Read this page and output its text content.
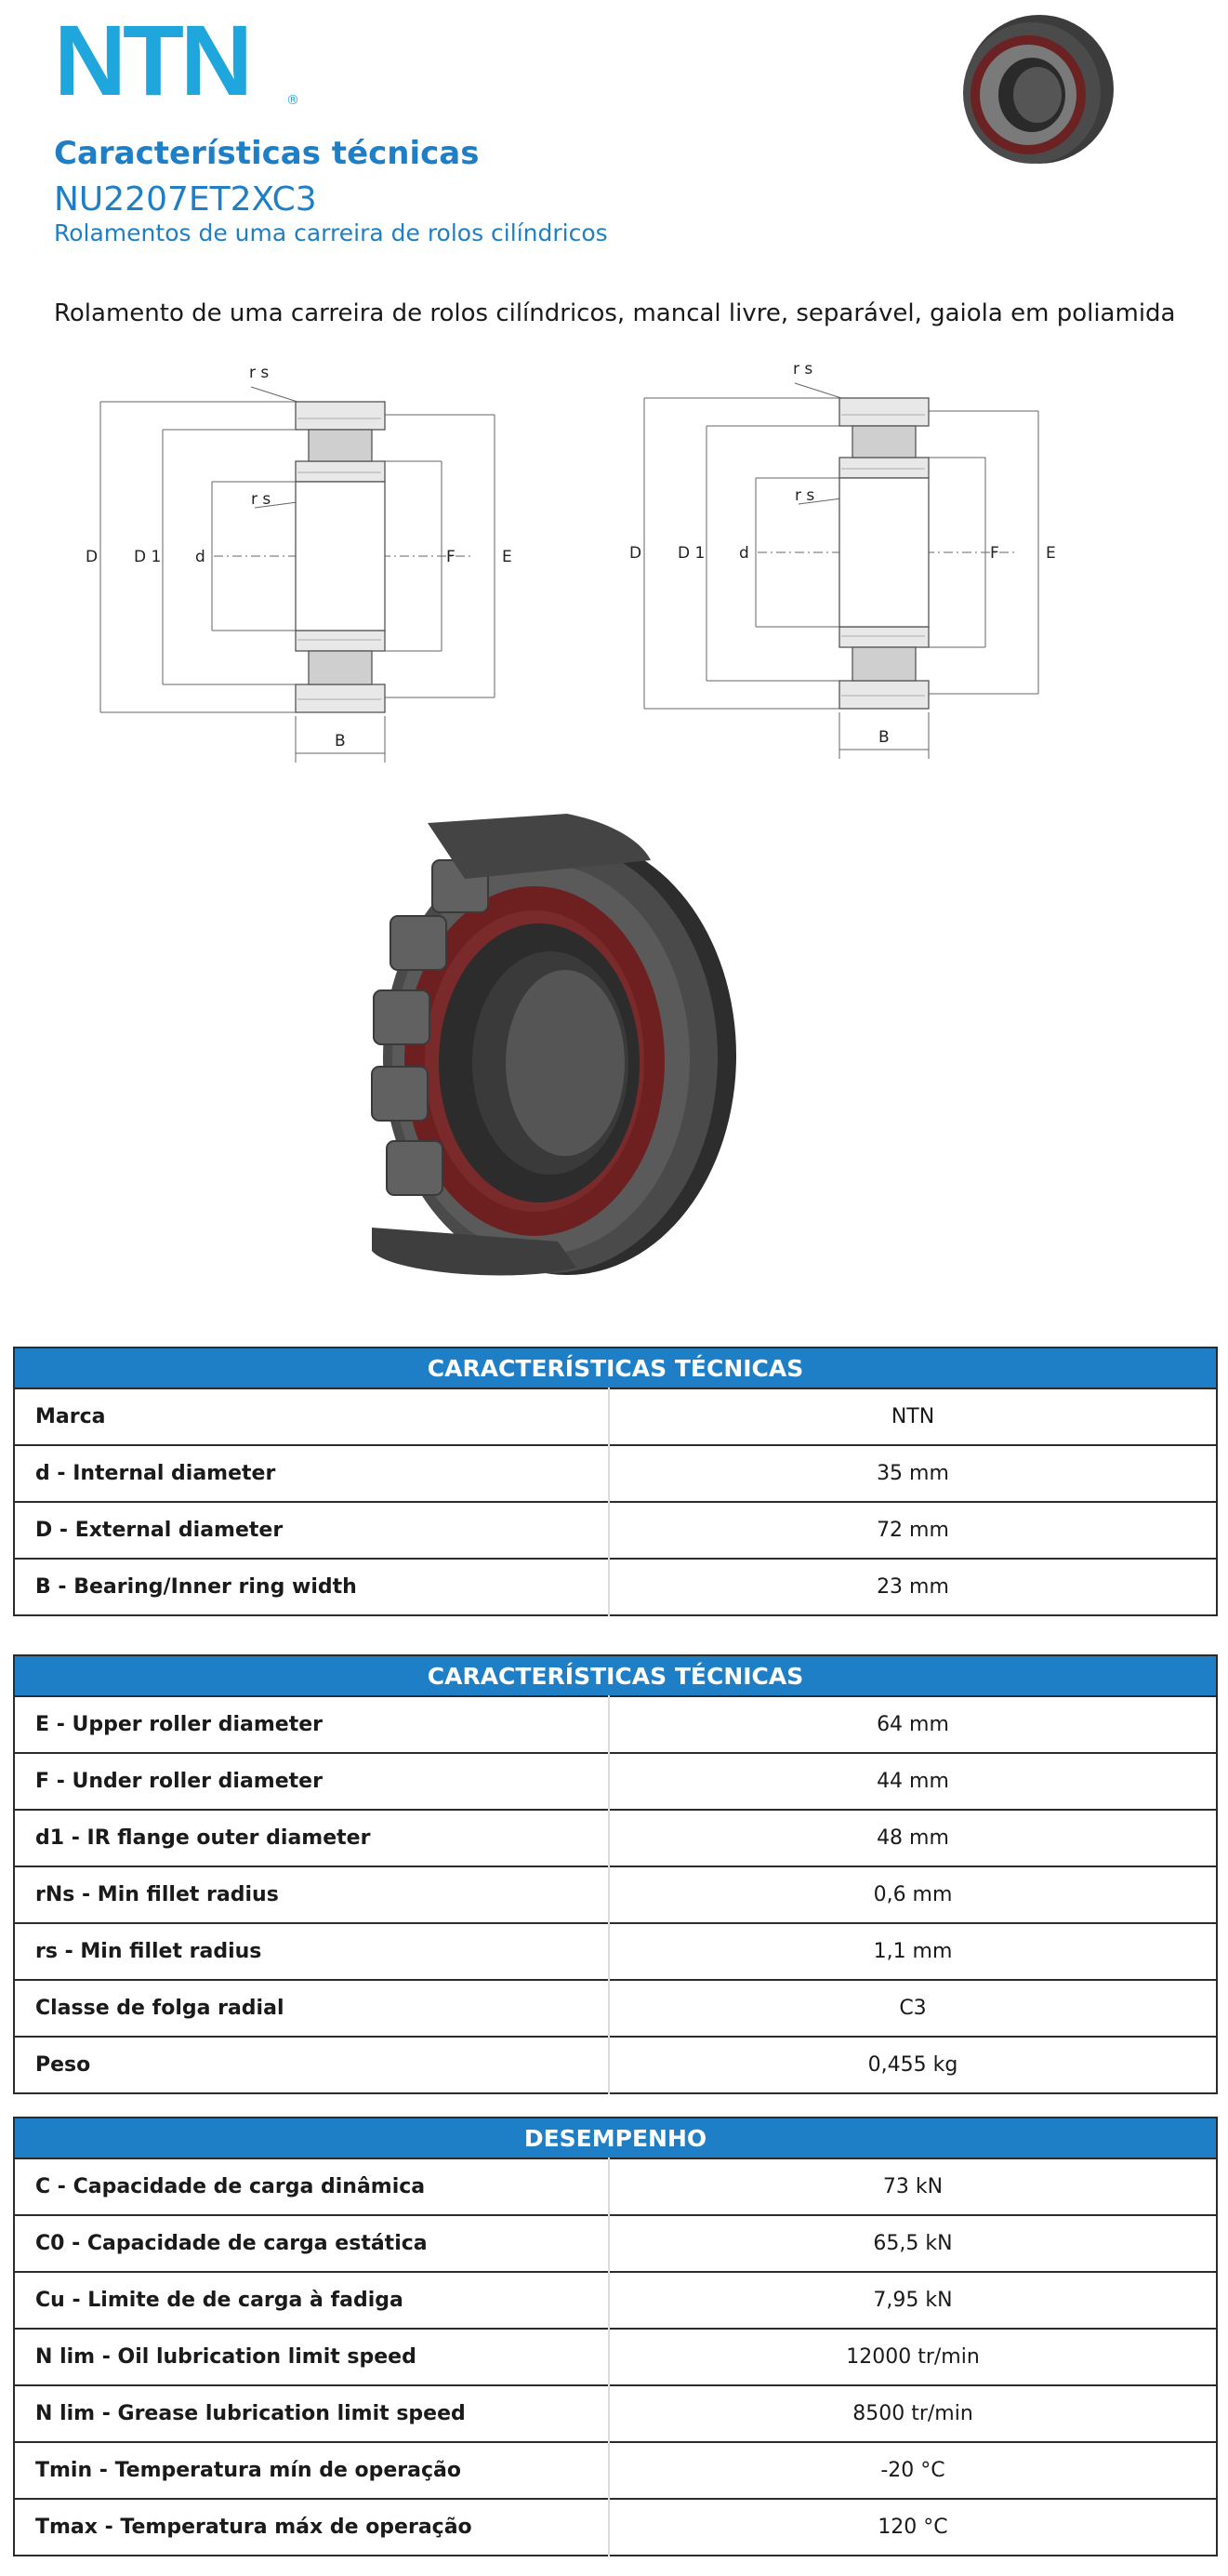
NTN	®
Características técnicas
NU2207ET2XC3
Rolamentos de uma carreira de rolos cilíndricos
Rolamento de uma carreira de rolos cilíndricos, mancal livre, separável, gaiola em poliamida
r s
r s
D D 1 d	F	E
B
r s
r s
D D 1 d	F	E
B
CARACTERÍSTICAS TÉCNICAS	
Marca	NTN
d - Internal diameter	35 mm
D - External diameter	72 mm
B - Bearing/Inner ring width	23 mm
CARACTERÍSTICAS TÉCNICAS	
E - Upper roller diameter	64 mm
F - Under roller diameter	44 mm
d1 - IR flange outer diameter	48 mm
rNs - Min fillet radius	0,6 mm
rs - Min fillet radius	1,1 mm
Classe de folga radial	C3
Peso	0,455 kg
DESEMPENHO	
C - Capacidade de carga dinâmica	73 kN
C0 - Capacidade de carga estática	65,5 kN
Cu - Limite de de carga à fadiga	7,95 kN
N lim - Oil lubrication limit speed	12000 tr/min
N lim - Grease lubrication limit speed	8500 tr/min
Tmin - Temperatura mín de operação	-20 °C
Tmax - Temperatura máx de operação	120 °C
